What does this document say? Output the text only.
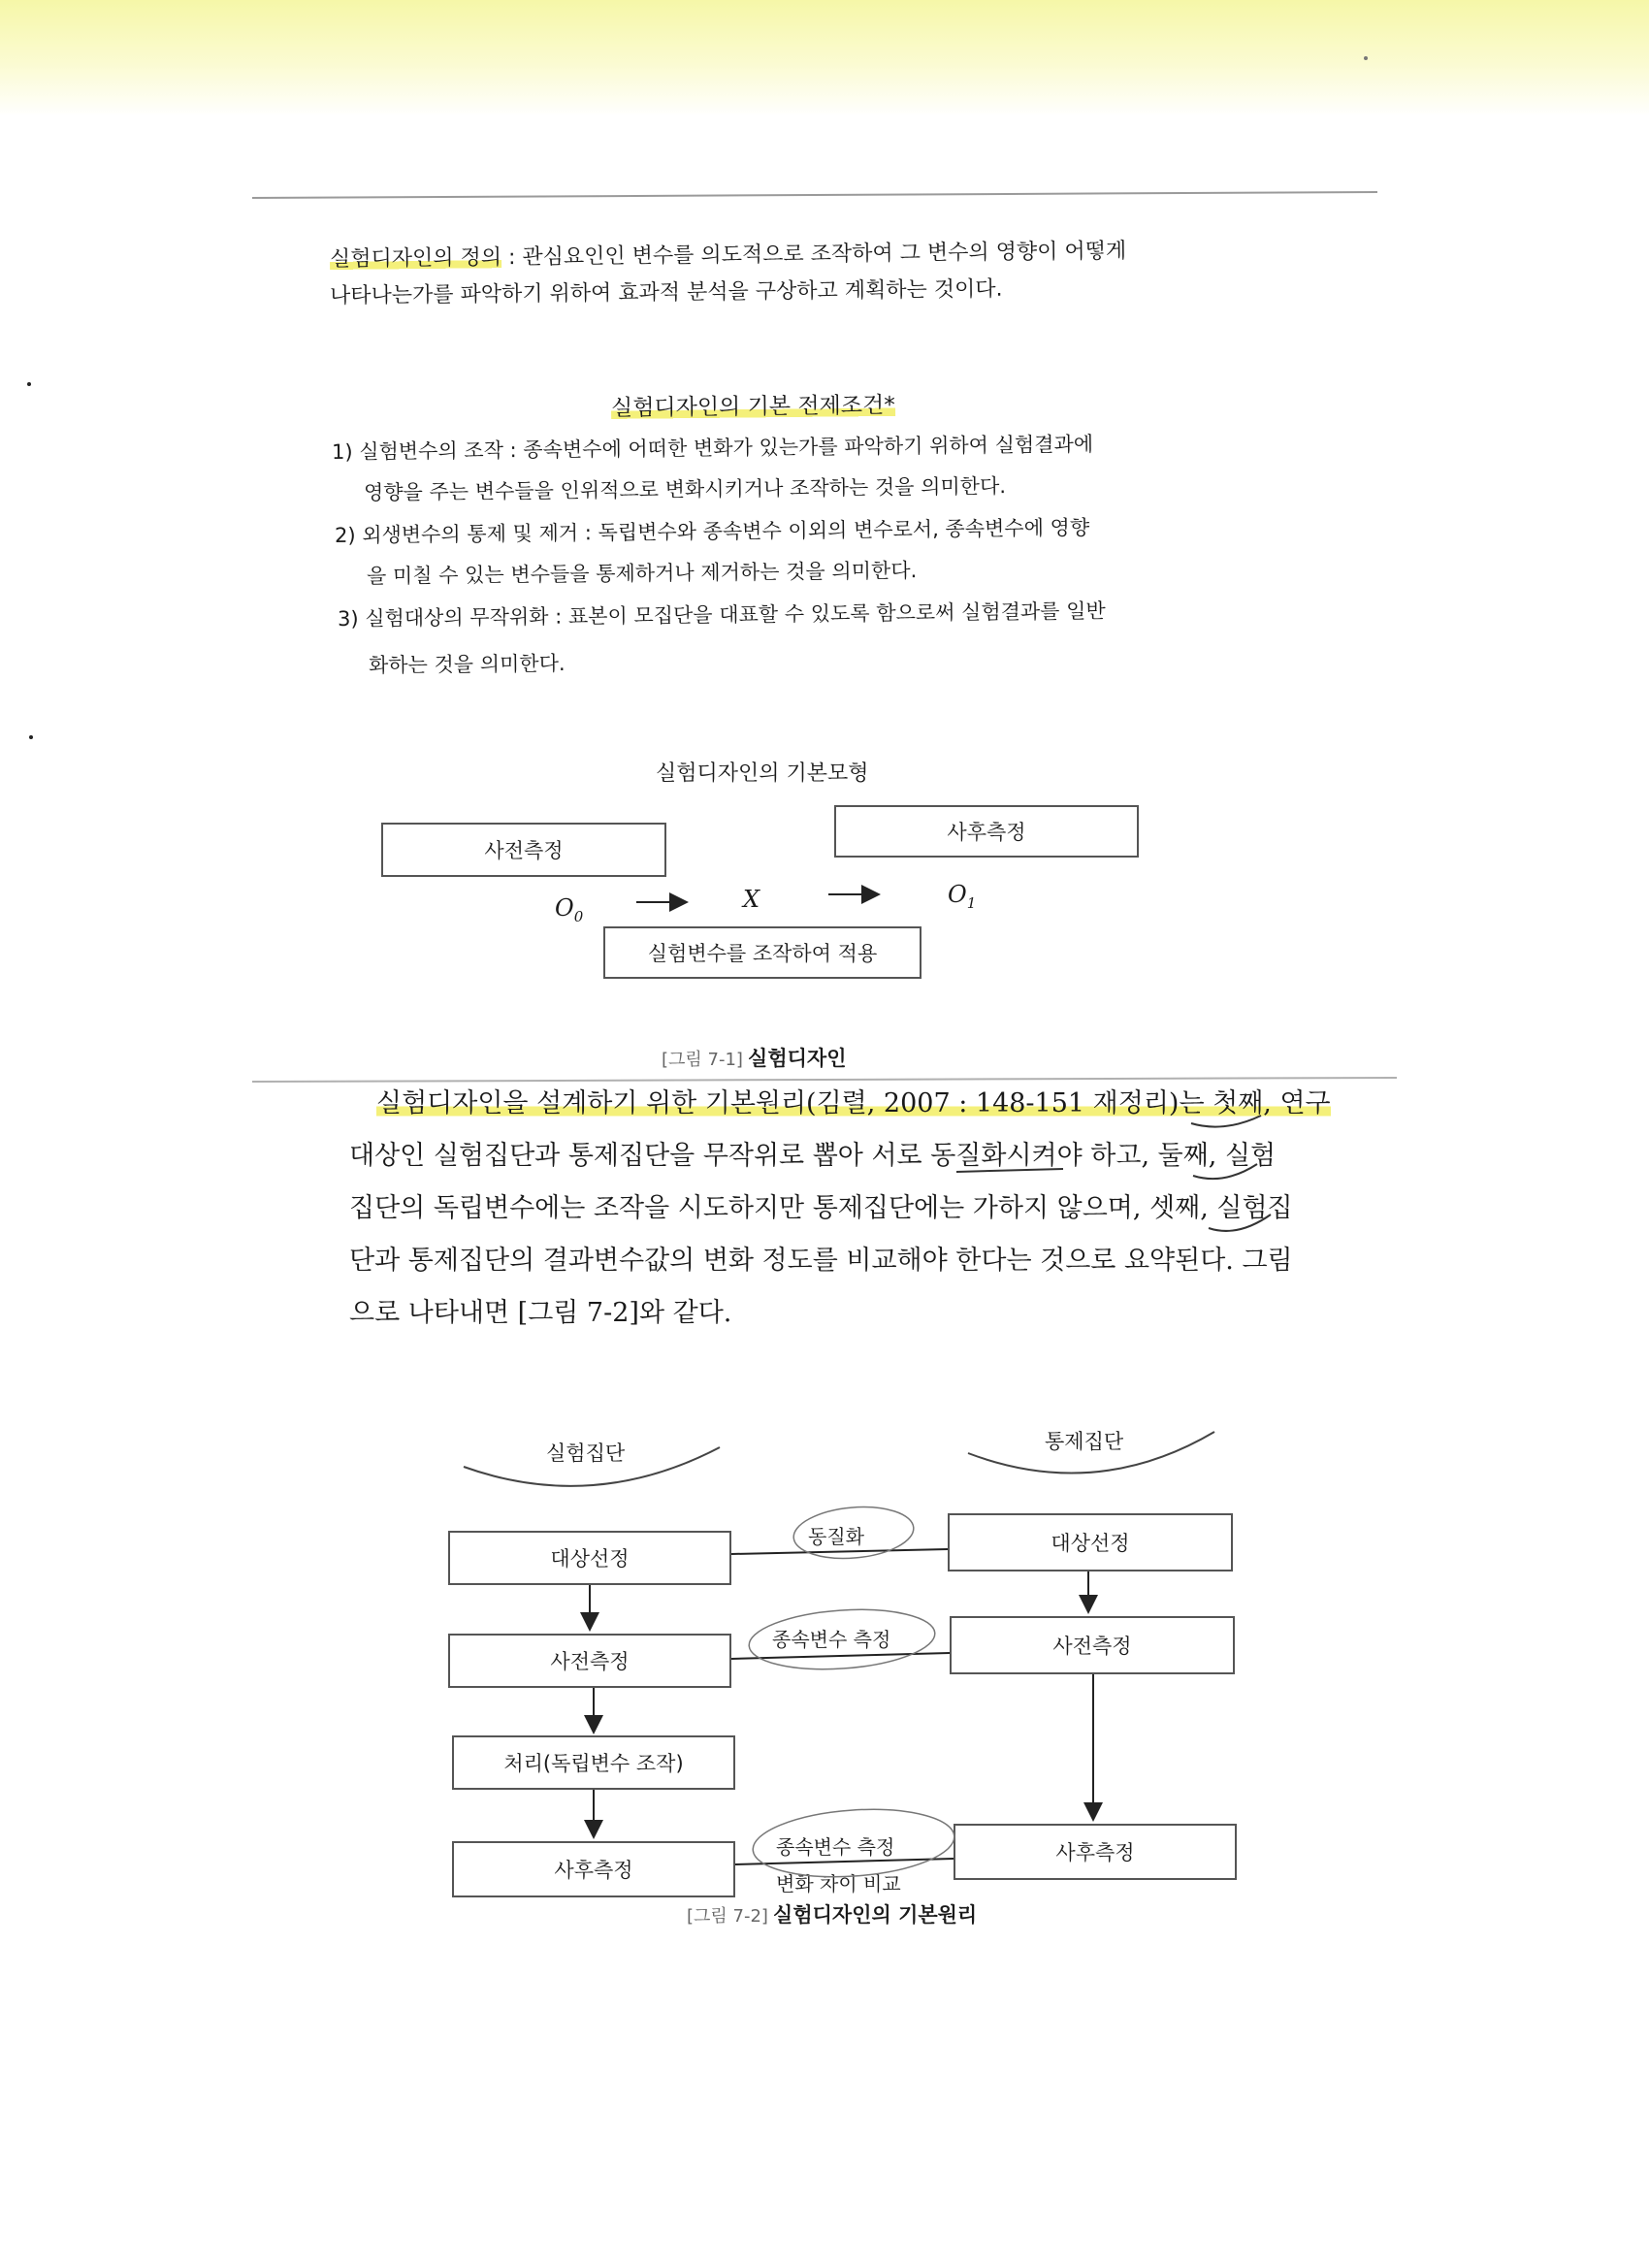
실험디자인의 정의 : 관심요인인 변수를 의도적으로 조작하여 그 변수의 영향이 어떻게
나타나는가를 파악하기 위하여 효과적 분석을 구상하고 계획하는 것이다.
실험디자인의 기본 전제조건*
1) 실험변수의 조작 : 종속변수에 어떠한 변화가 있는가를 파악하기 위하여 실험결과에
영향을 주는 변수들을 인위적으로 변화시키거나 조작하는 것을 의미한다.
2) 외생변수의 통제 및 제거 : 독립변수와 종속변수 이외의 변수로서, 종속변수에 영향
을 미칠 수 있는 변수들을 통제하거나 제거하는 것을 의미한다.
3) 실험대상의 무작위화 : 표본이 모집단을 대표할 수 있도록 함으로써 실험결과를 일반
화하는 것을 의미한다.
실험디자인의 기본모형
사전측정
사후측정
$O_0$
X	$O_1$
실험변수를 조작하여 적용
[그림 7-1] 실험디자인
실험디자인을 설계하기 위한 기본원리(김렬, 2007 : 148-151 재정리)는 첫째, 연구
대상인 실험집단과 통제집단을 무작위로 뽑아 서로 동질화시켜야 하고, 둘째, 실험
집단의 독립변수에는 조작을 시도하지만 통제집단에는 가하지 않으며, 셋째, 실험집
단과 통제집단의 결과변수값의 변화 정도를 비교해야 한다는 것으로 요약된다. 그림
으로 나타내면 [그림 7-2]와 같다.
실험집단	통제집단
대상선정
사전측정
처리(독립변수 조작)
사후측정
대상선정
사전측정
사후측정
동질화
종속변수 측정
종속변수 측정
변화 차이 비교
[그림 7-2] 실험디자인의 기본원리
